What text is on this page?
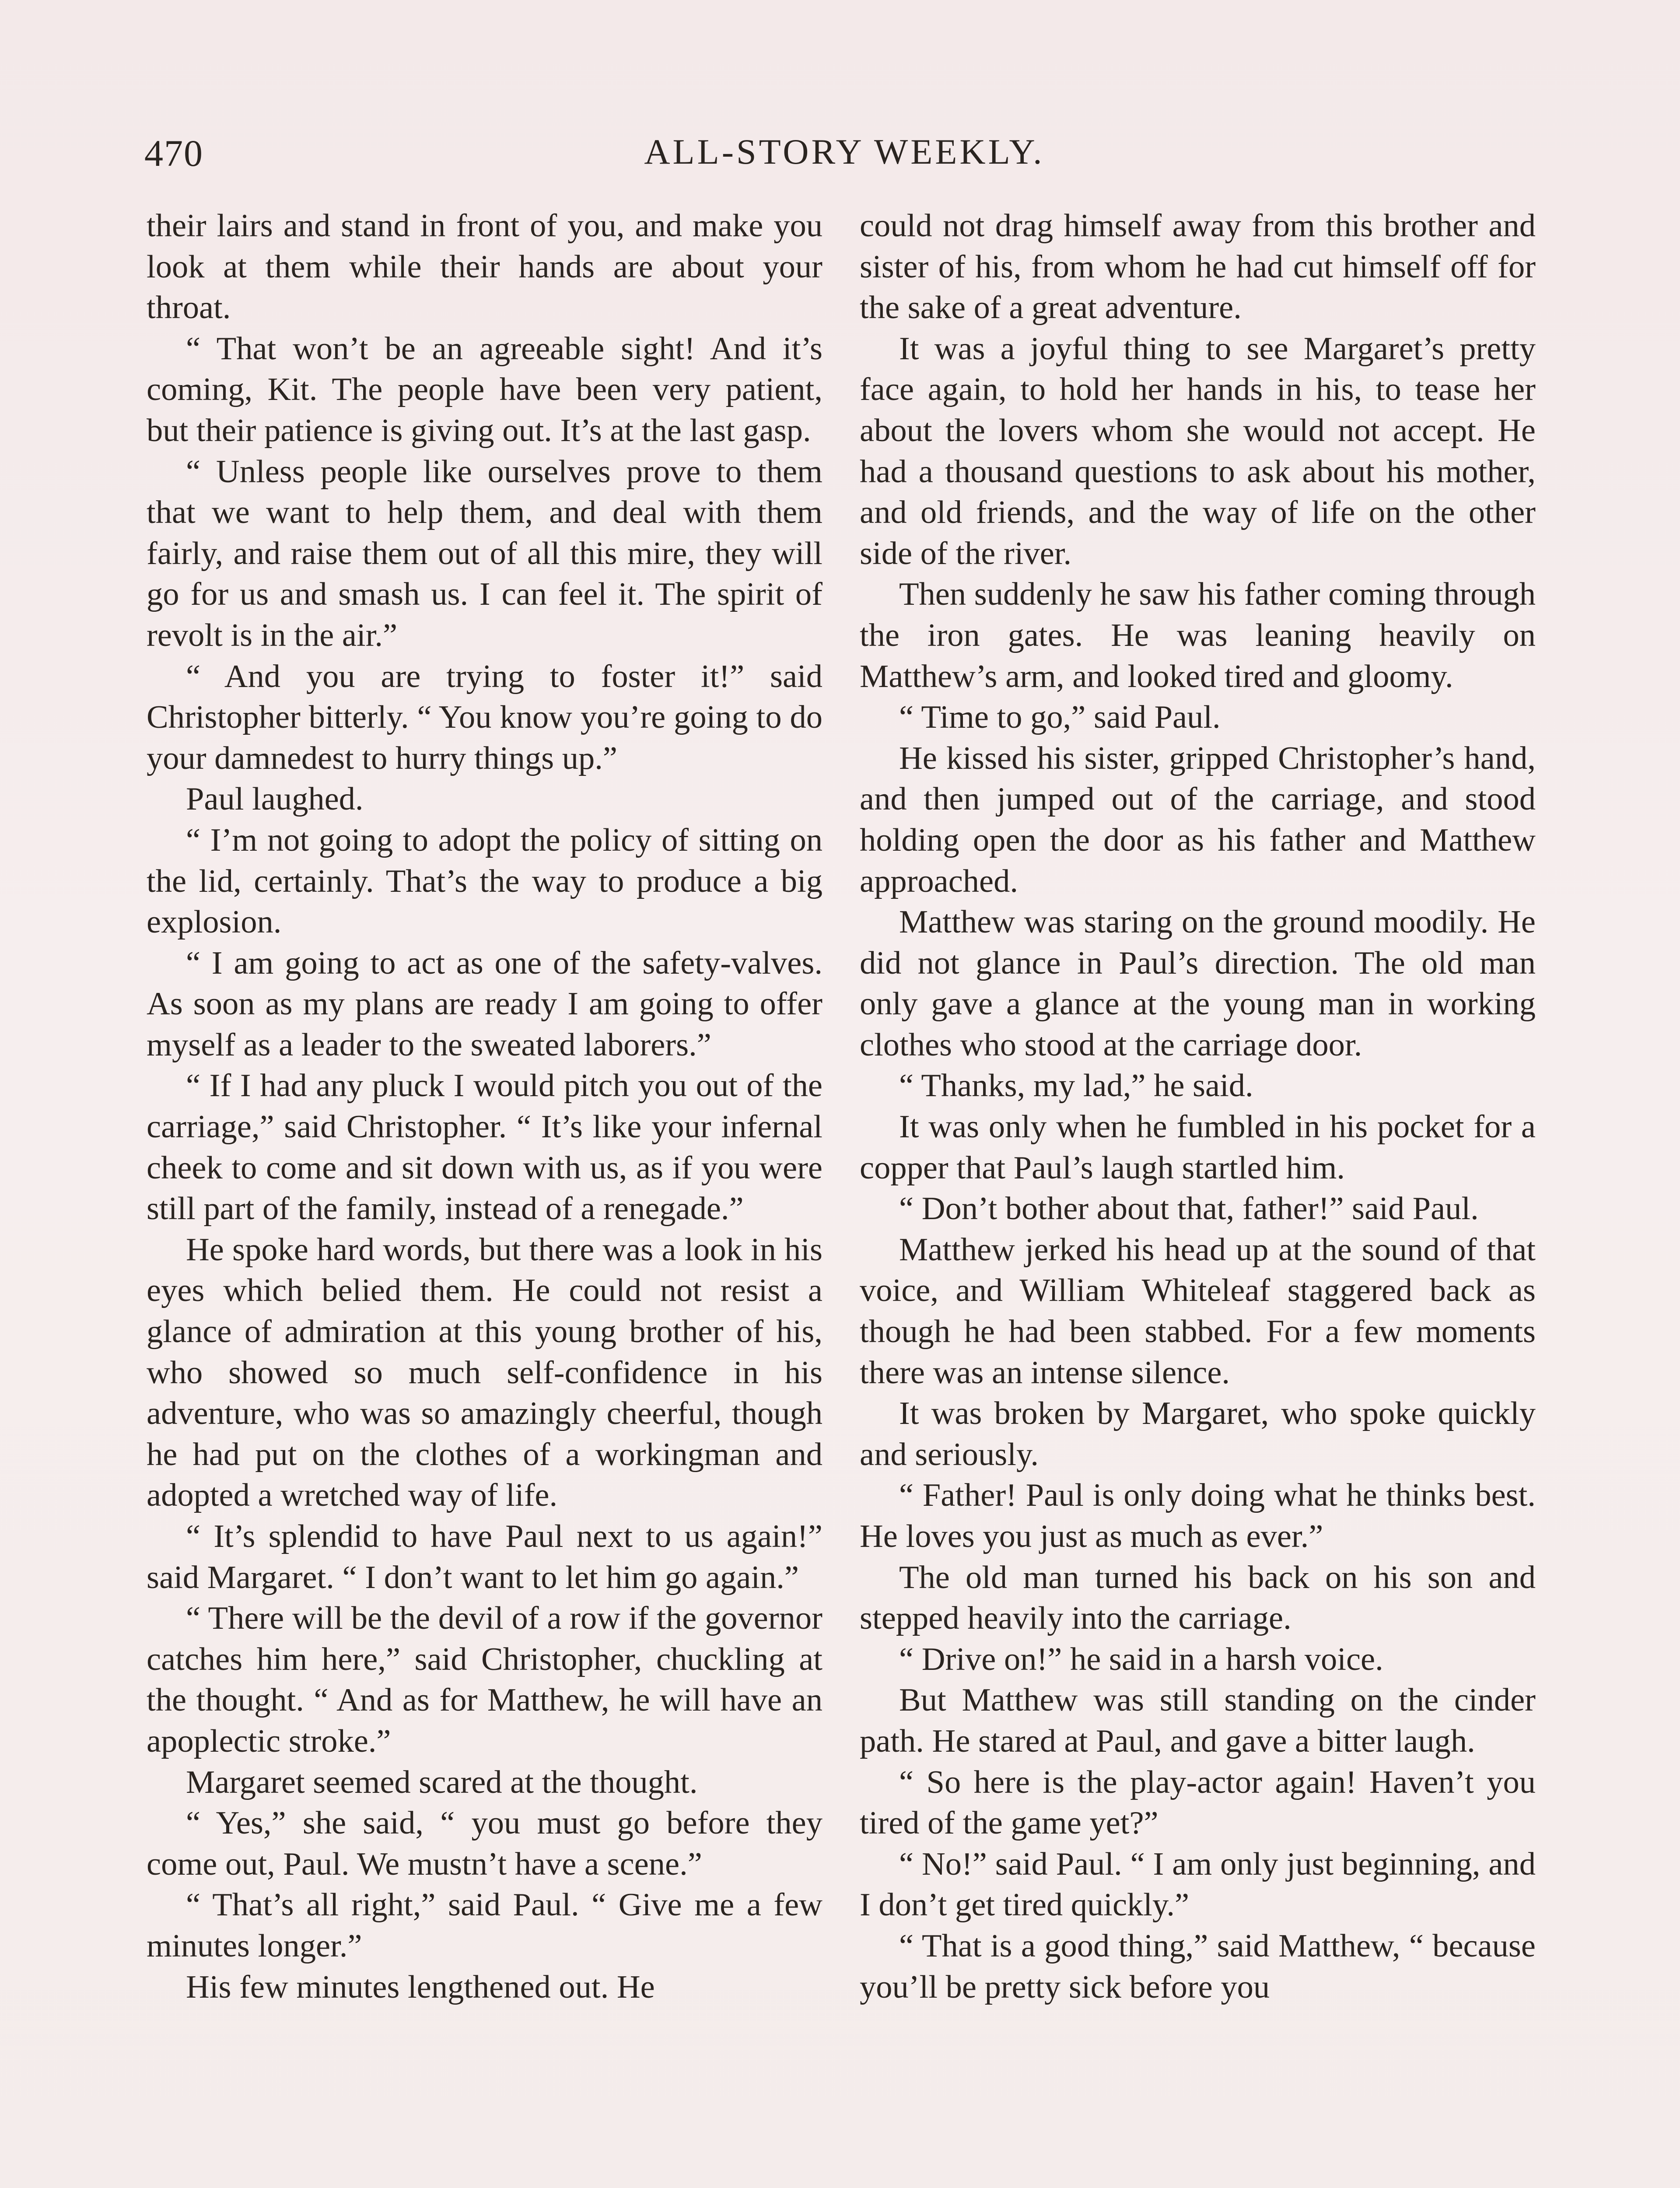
470	ALL-STORY WEEKLY.

their lairs and stand in front of you, and make you look at them while their hands are about your throat.

“ That won’t be an agreeable sight! And it’s coming, Kit. The people have been very patient, but their patience is giving out. It’s at the last gasp.

“ Unless people like ourselves prove to them that we want to help them, and deal with them fairly, and raise them out of all this mire, they will go for us and smash us. I can feel it. The spirit of revolt is in the air.”

“ And you are trying to foster it!” said Christopher bitterly. “ You know you’re going to do your damnedest to hurry things up.”

Paul laughed.

“ I’m not going to adopt the policy of sitting on the lid, certainly. That’s the way to produce a big explosion.

“ I am going to act as one of the safety-valves. As soon as my plans are ready I am going to offer myself as a leader to the sweated laborers.”

“ If I had any pluck I would pitch you out of the carriage,” said Christopher. “ It’s like your infernal cheek to come and sit down with us, as if you were still part of the family, instead of a renegade.”

He spoke hard words, but there was a look in his eyes which belied them. He could not resist a glance of admiration at this young brother of his, who showed so much self-confidence in his adventure, who was so amazingly cheerful, though he had put on the clothes of a workingman and adopted a wretched way of life.

“ It’s splendid to have Paul next to us again!” said Margaret. “ I don’t want to let him go again.”

“ There will be the devil of a row if the governor catches him here,” said Christopher, chuckling at the thought. “ And as for Matthew, he will have an apoplectic stroke.”

Margaret seemed scared at the thought.

“ Yes,” she said, “ you must go before they come out, Paul. We mustn’t have a scene.”

“ That’s all right,” said Paul. “ Give me a few minutes longer.”

His few minutes lengthened out. He

could not drag himself away from this brother and sister of his, from whom he had cut himself off for the sake of a great adventure.

It was a joyful thing to see Margaret’s pretty face again, to hold her hands in his, to tease her about the lovers whom she would not accept. He had a thousand questions to ask about his mother, and old friends, and the way of life on the other side of the river.

Then suddenly he saw his father coming through the iron gates. He was leaning heavily on Matthew’s arm, and looked tired and gloomy.

“ Time to go,” said Paul.

He kissed his sister, gripped Christopher’s hand, and then jumped out of the carriage, and stood holding open the door as his father and Matthew approached.

Matthew was staring on the ground moodily. He did not glance in Paul’s direction. The old man only gave a glance at the young man in working clothes who stood at the carriage door.

“ Thanks, my lad,” he said.

It was only when he fumbled in his pocket for a copper that Paul’s laugh startled him.

“ Don’t bother about that, father!” said Paul.

Matthew jerked his head up at the sound of that voice, and William Whiteleaf staggered back as though he had been stabbed. For a few moments there was an intense silence.

It was broken by Margaret, who spoke quickly and seriously.

“ Father! Paul is only doing what he thinks best. He loves you just as much as ever.”

The old man turned his back on his son and stepped heavily into the carriage.

“ Drive on!” he said in a harsh voice.

But Matthew was still standing on the cinder path. He stared at Paul, and gave a bitter laugh.

“ So here is the play-actor again! Haven’t you tired of the game yet?”

“ No!” said Paul. “ I am only just beginning, and I don’t get tired quickly.”

“ That is a good thing,” said Matthew, “ because you’ll be pretty sick before you
